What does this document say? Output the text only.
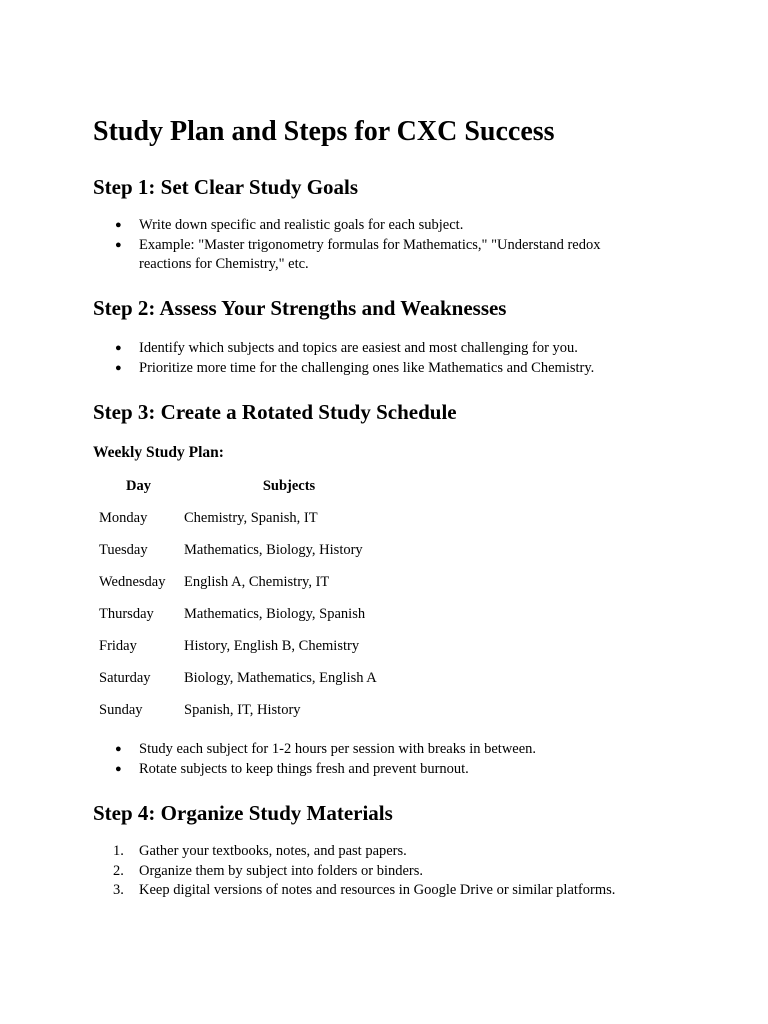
Study Plan and Steps for CXC Success
Step 1: Set Clear Study Goals
● Write down specific and realistic goals for each subject.
● Example: "Master trigonometry formulas for Mathematics," "Understand redox reactions for Chemistry," etc.
Step 2: Assess Your Strengths and Weaknesses
● Identify which subjects and topics are easiest and most challenging for you.
● Prioritize more time for the challenging ones like Mathematics and Chemistry.
Step 3: Create a Rotated Study Schedule

Weekly Study Plan:

Day	Subjects
Monday	Chemistry, Spanish, IT
Tuesday	Mathematics, Biology, History
Wednesday	English A, Chemistry, IT
Thursday	Mathematics, Biology, Spanish
Friday	History, English B, Chemistry
Saturday	Biology, Mathematics, English A
Sunday	Spanish, IT, History
● Study each subject for 1-2 hours per session with breaks in between.
● Rotate subjects to keep things fresh and prevent burnout.
Step 4: Organize Study Materials
1. Gather your textbooks, notes, and past papers.
2. Organize them by subject into folders or binders.
3. Keep digital versions of notes and resources in Google Drive or similar platforms.
